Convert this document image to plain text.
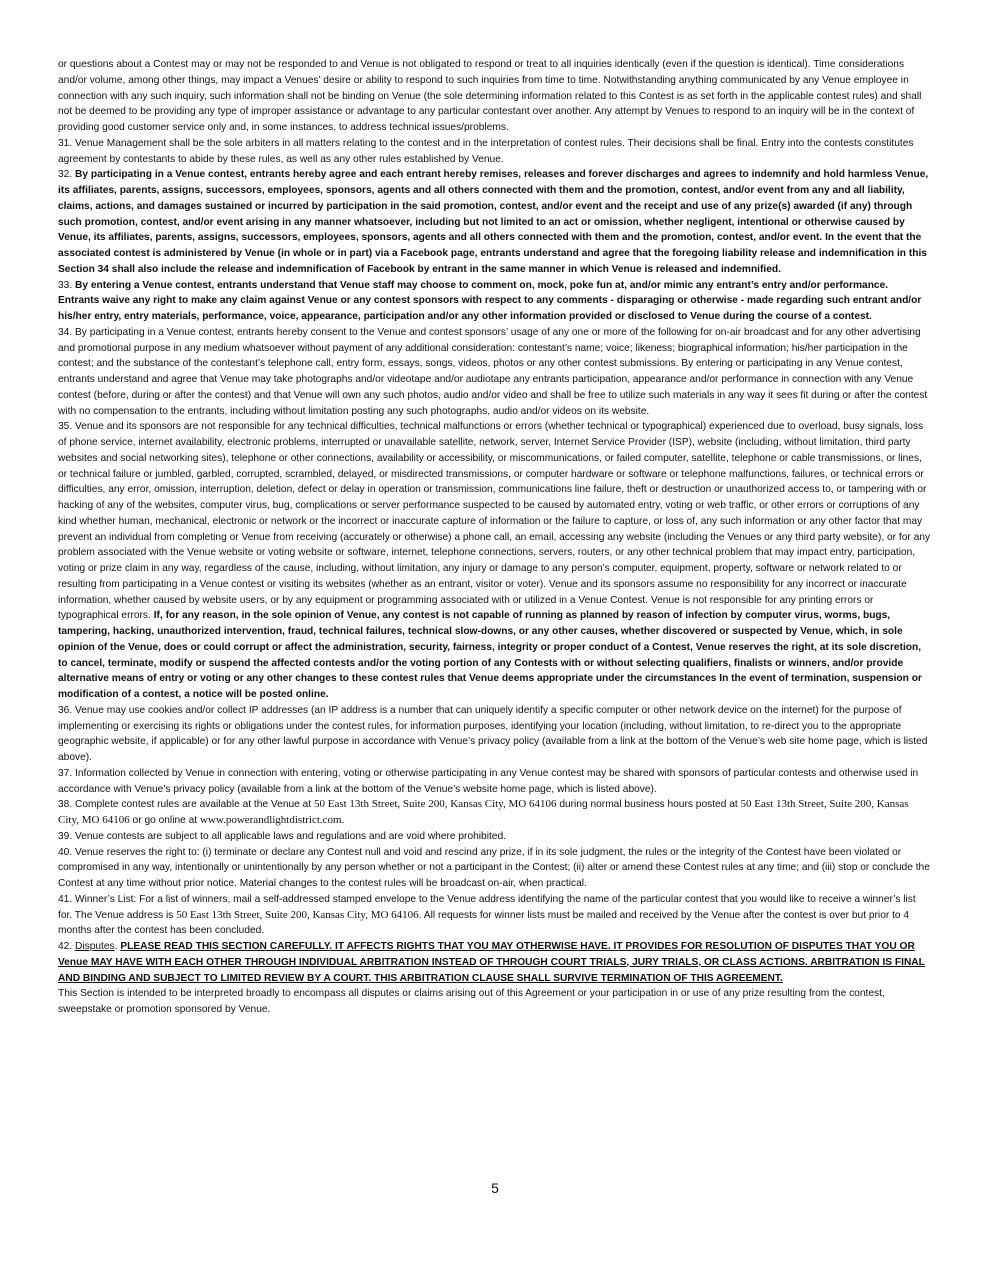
or questions about a Contest may or may not be responded to and Venue is not obligated to respond or treat to all inquiries identically (even if the question is identical). Time considerations and/or volume, among other things, may impact a Venues’ desire or ability to respond to such inquiries from time to time. Notwithstanding anything communicated by any Venue employee in connection with any such inquiry, such information shall not be binding on Venue (the sole determining information related to this Contest is as set forth in the applicable contest rules) and shall not be deemed to be providing any type of improper assistance or advantage to any particular contestant over another. Any attempt by Venues to respond to an inquiry will be in the context of providing good customer service only and, in some instances, to address technical issues/problems.

31. Venue Management shall be the sole arbiters in all matters relating to the contest and in the interpretation of contest rules. Their decisions shall be final. Entry into the contests constitutes agreement by contestants to abide by these rules, as well as any other rules established by Venue.

32. By participating in a Venue contest, entrants hereby agree and each entrant hereby remises, releases and forever discharges and agrees to indemnify and hold harmless Venue, its affiliates, parents, assigns, successors, employees, sponsors, agents and all others connected with them and the promotion, contest, and/or event from any and all liability, claims, actions, and damages sustained or incurred by participation in the said promotion, contest, and/or event and the receipt and use of any prize(s) awarded (if any) through such promotion, contest, and/or event arising in any manner whatsoever, including but not limited to an act or omission, whether negligent, intentional or otherwise caused by Venue, its affiliates, parents, assigns, successors, employees, sponsors, agents and all others connected with them and the promotion, contest, and/or event. In the event that the associated contest is administered by Venue (in whole or in part) via a Facebook page, entrants understand and agree that the foregoing liability release and indemnification in this Section 34 shall also include the release and indemnification of Facebook by entrant in the same manner in which Venue is released and indemnified.

33. By entering a Venue contest, entrants understand that Venue staff may choose to comment on, mock, poke fun at, and/or mimic any entrant’s entry and/or performance. Entrants waive any right to make any claim against Venue or any contest sponsors with respect to any comments - disparaging or otherwise - made regarding such entrant and/or his/her entry, entry materials, performance, voice, appearance, participation and/or any other information provided or disclosed to Venue during the course of a contest.

34. By participating in a Venue contest, entrants hereby consent to the Venue and contest sponsors’ usage of any one or more of the following for on-air broadcast and for any other advertising and promotional purpose in any medium whatsoever without payment of any additional consideration: contestant’s name; voice; likeness; biographical information; his/her participation in the contest; and the substance of the contestant’s telephone call, entry form, essays, songs, videos, photos or any other contest submissions. By entering or participating in any Venue contest, entrants understand and agree that Venue may take photographs and/or videotape and/or audiotape any entrants participation, appearance and/or performance in connection with any Venue contest (before, during or after the contest) and that Venue will own any such photos, audio and/or video and shall be free to utilize such materials in any way it sees fit during or after the contest with no compensation to the entrants, including without limitation posting any such photographs, audio and/or videos on its website.

35. Venue and its sponsors are not responsible for any technical difficulties, technical malfunctions or errors (whether technical or typographical) experienced due to overload, busy signals, loss of phone service, internet availability, electronic problems, interrupted or unavailable satellite, network, server, Internet Service Provider (ISP), website (including, without limitation, third party websites and social networking sites), telephone or other connections, availability or accessibility, or miscommunications, or failed computer, satellite, telephone or cable transmissions, or lines, or technical failure or jumbled, garbled, corrupted, scrambled, delayed, or misdirected transmissions, or computer hardware or software or telephone malfunctions, failures, or technical errors or difficulties, any error, omission, interruption, deletion, defect or delay in operation or transmission, communications line failure, theft or destruction or unauthorized access to, or tampering with or hacking of any of the websites, computer virus, bug, complications or server performance suspected to be caused by automated entry, voting or web traffic, or other errors or corruptions of any kind whether human, mechanical, electronic or network or the incorrect or inaccurate capture of information or the failure to capture, or loss of, any such information or any other factor that may prevent an individual from completing or Venue from receiving (accurately or otherwise) a phone call, an email, accessing any website (including the Venues or any third party website), or for any problem associated with the Venue website or voting website or software, internet, telephone connections, servers, routers, or any other technical problem that may impact entry, participation, voting or prize claim in any way, regardless of the cause, including, without limitation, any injury or damage to any person’s computer, equipment, property, software or network related to or resulting from participating in a Venue contest or visiting its websites (whether as an entrant, visitor or voter). Venue and its sponsors assume no responsibility for any incorrect or inaccurate information, whether caused by website users, or by any equipment or programming associated with or utilized in a Venue Contest. Venue is not responsible for any printing errors or typographical errors. If, for any reason, in the sole opinion of Venue, any contest is not capable of running as planned by reason of infection by computer virus, worms, bugs, tampering, hacking, unauthorized intervention, fraud, technical failures, technical slow-downs, or any other causes, whether discovered or suspected by Venue, which, in sole opinion of the Venue, does or could corrupt or affect the administration, security, fairness, integrity or proper conduct of a Contest, Venue reserves the right, at its sole discretion, to cancel, terminate, modify or suspend the affected contests and/or the voting portion of any Contests with or without selecting qualifiers, finalists or winners, and/or provide alternative means of entry or voting or any other changes to these contest rules that Venue deems appropriate under the circumstances In the event of termination, suspension or modification of a contest, a notice will be posted online.

36. Venue may use cookies and/or collect IP addresses (an IP address is a number that can uniquely identify a specific computer or other network device on the internet) for the purpose of implementing or exercising its rights or obligations under the contest rules, for information purposes, identifying your location (including, without limitation, to re-direct you to the appropriate geographic website, if applicable) or for any other lawful purpose in accordance with Venue’s privacy policy (available from a link at the bottom of the Venue’s web site home page, which is listed above).

37. Information collected by Venue in connection with entering, voting or otherwise participating in any Venue contest may be shared with sponsors of particular contests and otherwise used in accordance with Venue’s privacy policy (available from a link at the bottom of the Venue’s website home page, which is listed above).

38. Complete contest rules are available at the Venue at 50 East 13th Street, Suite 200, Kansas City, MO 64106 during normal business hours posted at 50 East 13th Street, Suite 200, Kansas City, MO 64106 or go online at www.powerandlightdistrict.com.

39. Venue contests are subject to all applicable laws and regulations and are void where prohibited.

40. Venue reserves the right to: (i) terminate or declare any Contest null and void and rescind any prize, if in its sole judgment, the rules or the integrity of the Contest have been violated or compromised in any way, intentionally or unintentionally by any person whether or not a participant in the Contest; (ii) alter or amend these Contest rules at any time; and (iii) stop or conclude the Contest at any time without prior notice. Material changes to the contest rules will be broadcast on-air, when practical.

41. Winner’s List: For a list of winners, mail a self-addressed stamped envelope to the Venue address identifying the name of the particular contest that you would like to receive a winner’s list for. The Venue address is 50 East 13th Street, Suite 200, Kansas City, MO 64106. All requests for winner lists must be mailed and received by the Venue after the contest is over but prior to 4 months after the contest has been concluded.

42. Disputes. PLEASE READ THIS SECTION CAREFULLY. IT AFFECTS RIGHTS THAT YOU MAY OTHERWISE HAVE. IT PROVIDES FOR RESOLUTION OF DISPUTES THAT YOU OR Venue MAY HAVE WITH EACH OTHER THROUGH INDIVIDUAL ARBITRATION INSTEAD OF THROUGH COURT TRIALS, JURY TRIALS, OR CLASS ACTIONS. ARBITRATION IS FINAL AND BINDING AND SUBJECT TO LIMITED REVIEW BY A COURT. THIS ARBITRATION CLAUSE SHALL SURVIVE TERMINATION OF THIS AGREEMENT.

This Section is intended to be interpreted broadly to encompass all disputes or claims arising out of this Agreement or your participation in or use of any prize resulting from the contest, sweepstake or promotion sponsored by Venue.

5
